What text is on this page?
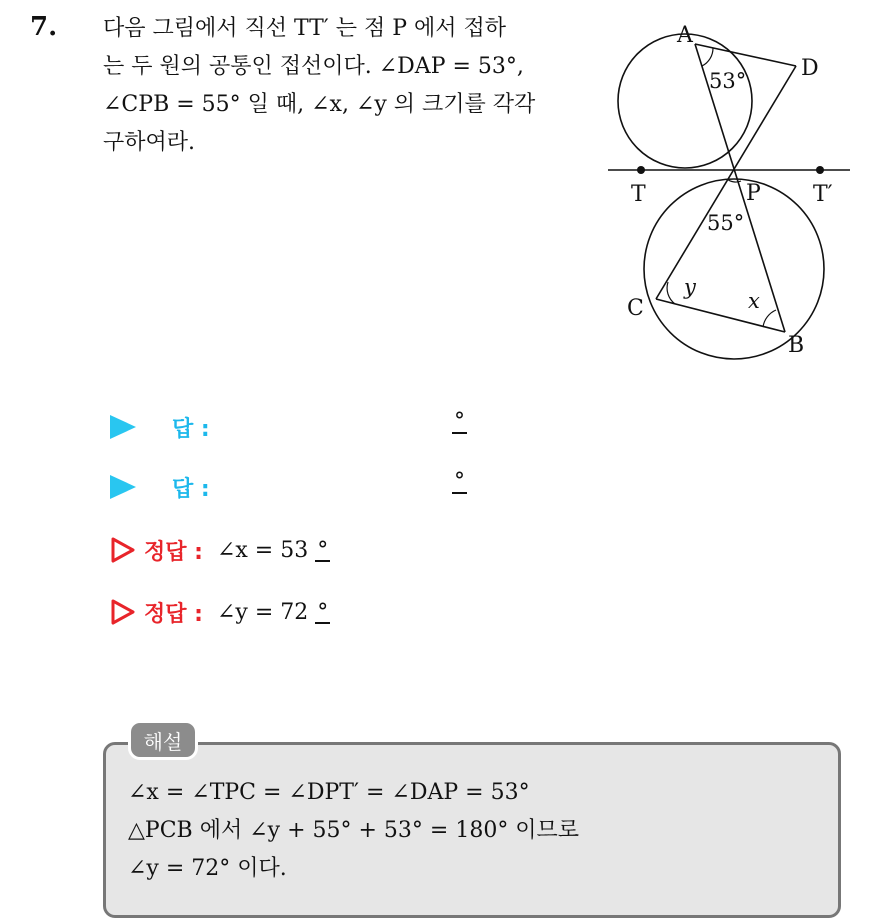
7. 다음 그림에서 직선 TT′ 는 점 P 에서 접하
는 두 원의 공통인 접선이다. ∠DAP = 53°,
∠CPB = 55° 일 때, ∠x, ∠y 의 크기를 각각
구하여라.
A
D
T	P T′
C
B
53°
55°
y
x
답 :	°
답 :	°
정답 : ∠x = 53 °
정답 : ∠y = 72 °
해설
∠x = ∠TPC = ∠DPT′ = ∠DAP = 53°
△PCB 에서 ∠y + 55° + 53° = 180° 이므로
∠y = 72° 이다.
